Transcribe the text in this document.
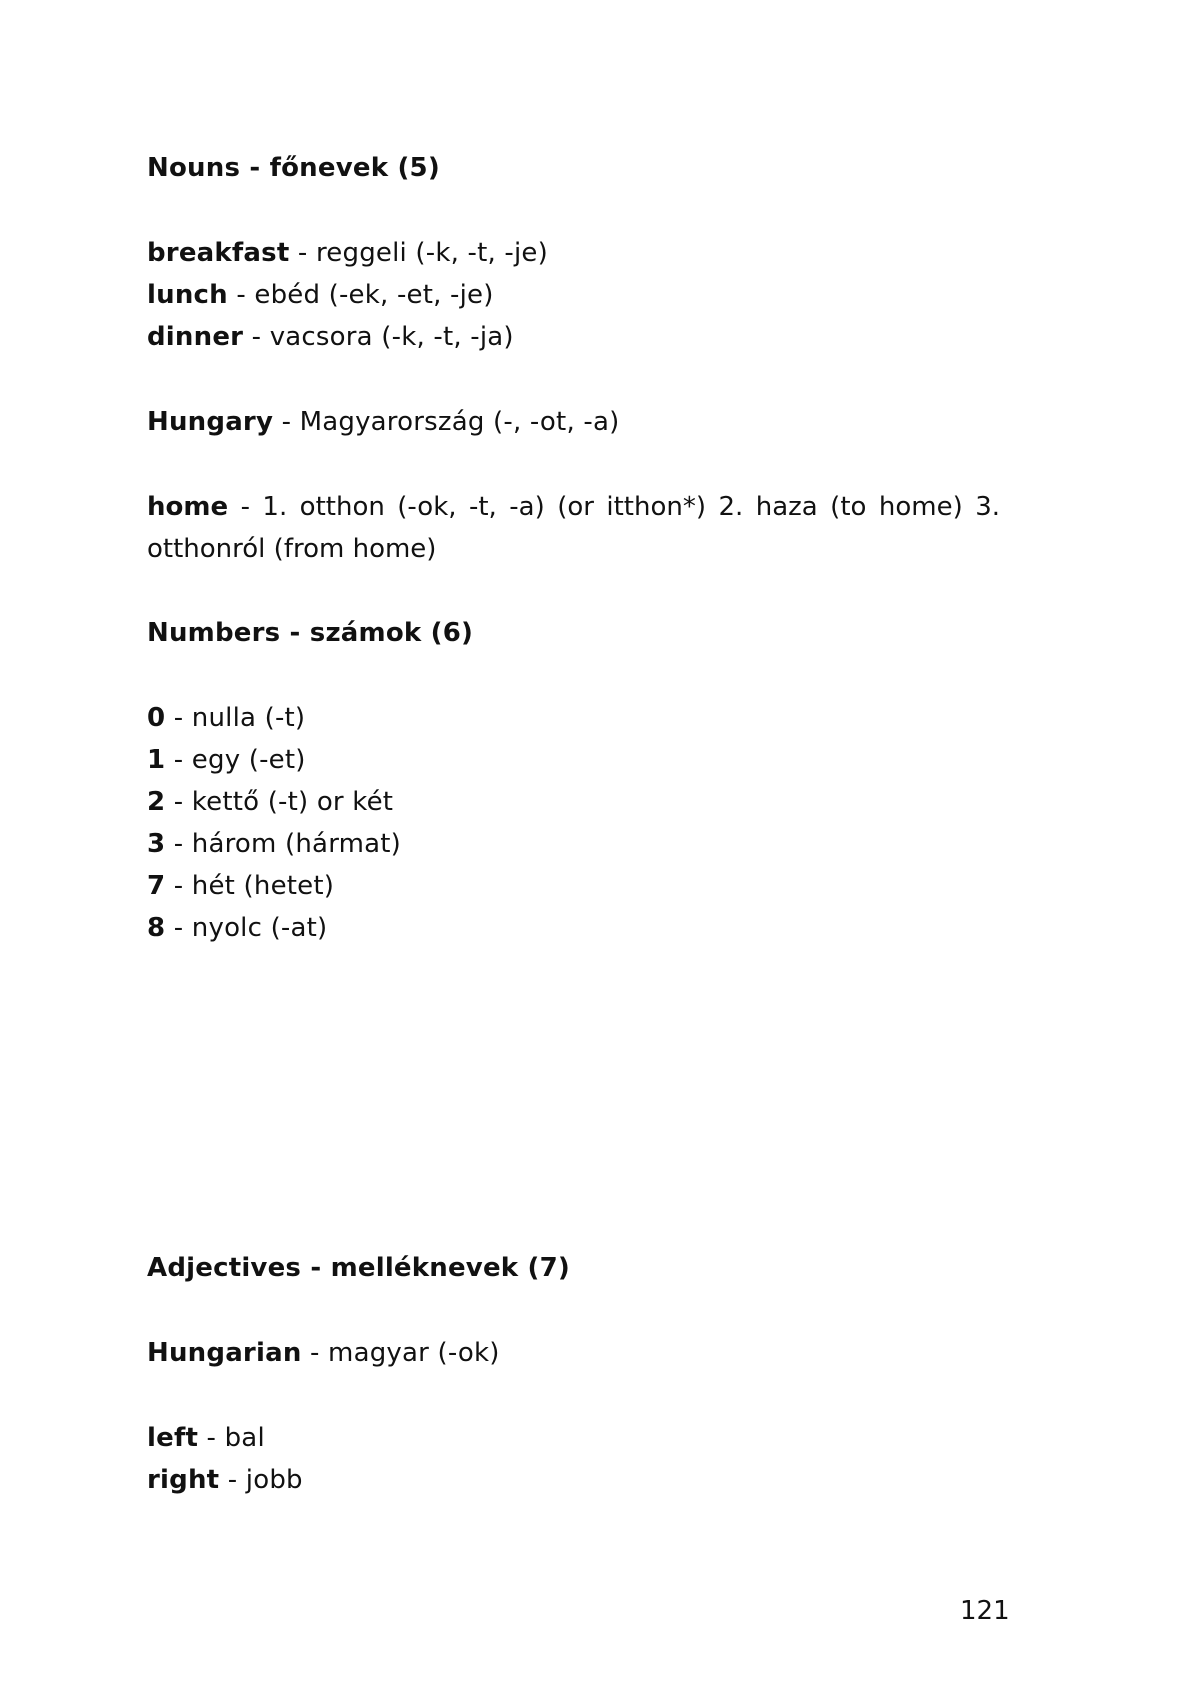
Nouns - főnevek (5)
breakfast - reggeli (-k, -t, -je)
lunch - ebéd (-ek, -et, -je)
dinner - vacsora (-k, -t, -ja)
Hungary - Magyarország (-, -ot, -a)
home - 1. otthon (-ok, -t, -a) (or itthon*) 2. haza (to home) 3. otthonról (from home)
Numbers - számok (6)
0 - nulla (-t)
1 - egy (-et)
2 - kettő (-t) or két
3 - három (hármat)
7 - hét (hetet)
8 - nyolc (-at)
Adjectives - melléknevek (7)
Hungarian - magyar (-ok)
left - bal
right - jobb
121
